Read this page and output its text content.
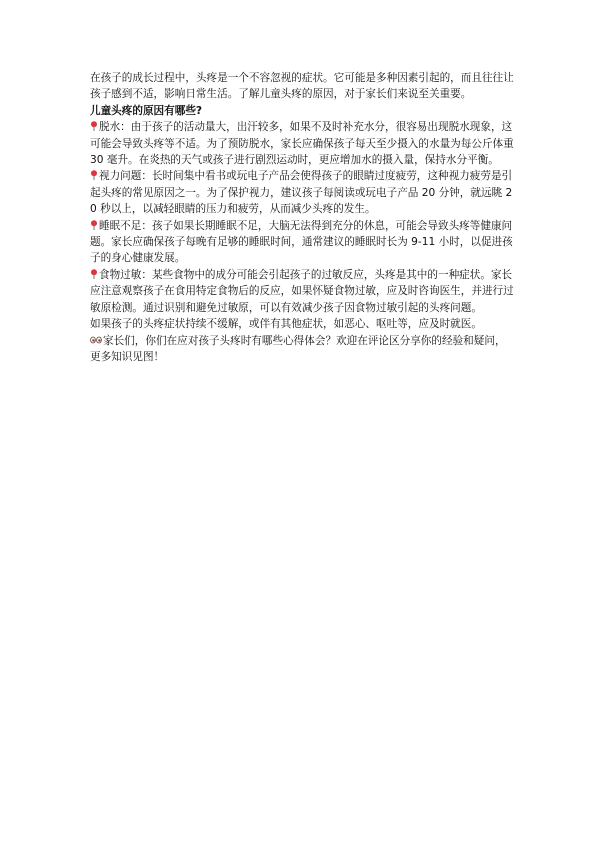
在孩子的成长过程中，头疼是一个不容忽视的症状。它可能是多种因素引起的，而且往往让孩子感到不适，影响日常生活。了解儿童头疼的原因，对于家长们来说至关重要。

儿童头疼的原因有哪些?

脱水：由于孩子的活动量大，出汗较多，如果不及时补充水分，很容易出现脱水现象，这可能会导致头疼等不适。为了预防脱水，家长应确保孩子每天至少摄入的水量为每公斤体重 30 毫升。在炎热的天气或孩子进行剧烈运动时，更应增加水的摄入量，保持水分平衡。

视力问题：长时间集中看书或玩电子产品会使得孩子的眼睛过度疲劳，这种视力疲劳是引起头疼的常见原因之一。为了保护视力，建议孩子每阅读或玩电子产品 20 分钟，就远眺 20 秒以上，以减轻眼睛的压力和疲劳，从而减少头疼的发生。

睡眠不足：孩子如果长期睡眠不足，大脑无法得到充分的休息，可能会导致头疼等健康问题。家长应确保孩子每晚有足够的睡眠时间，通常建议的睡眠时长为 9-11 小时，以促进孩子的身心健康发展。

食物过敏：某些食物中的成分可能会引起孩子的过敏反应，头疼是其中的一种症状。家长应注意观察孩子在食用特定食物后的反应，如果怀疑食物过敏，应及时咨询医生，并进行过敏原检测。通过识别和避免过敏原，可以有效减少孩子因食物过敏引起的头疼问题。

如果孩子的头疼症状持续不缓解，或伴有其他症状，如恶心、呕吐等，应及时就医。

家长们，你们在应对孩子头疼时有哪些心得体会？欢迎在评论区分享你的经验和疑问，更多知识见图！
